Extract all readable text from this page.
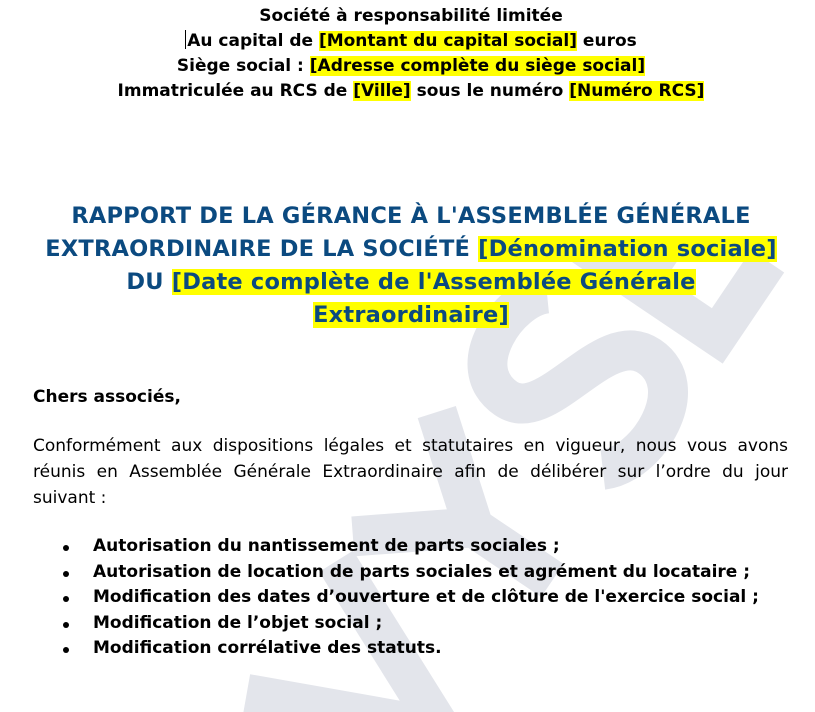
Société à responsabilité limitée
Au capital de [Montant du capital social] euros
Siège social : [Adresse complète du siège social]
Immatriculée au RCS de [Ville] sous le numéro [Numéro RCS]
RAPPORT DE LA GÉRANCE À L'ASSEMBLÉE GÉNÉRALE EXTRAORDINAIRE DE LA SOCIÉTÉ [Dénomination sociale] DU [Date complète de l'Assemblée Générale Extraordinaire]
Chers associés,
Conformément aux dispositions légales et statutaires en vigueur, nous vous avons réunis en Assemblée Générale Extraordinaire afin de délibérer sur l’ordre du jour suivant :
Autorisation du nantissement de parts sociales ;
Autorisation de location de parts sociales et agrément du locataire ;
Modification des dates d’ouverture et de clôture de l'exercice social ;
Modification de l’objet social ;
Modification corrélative des statuts.
